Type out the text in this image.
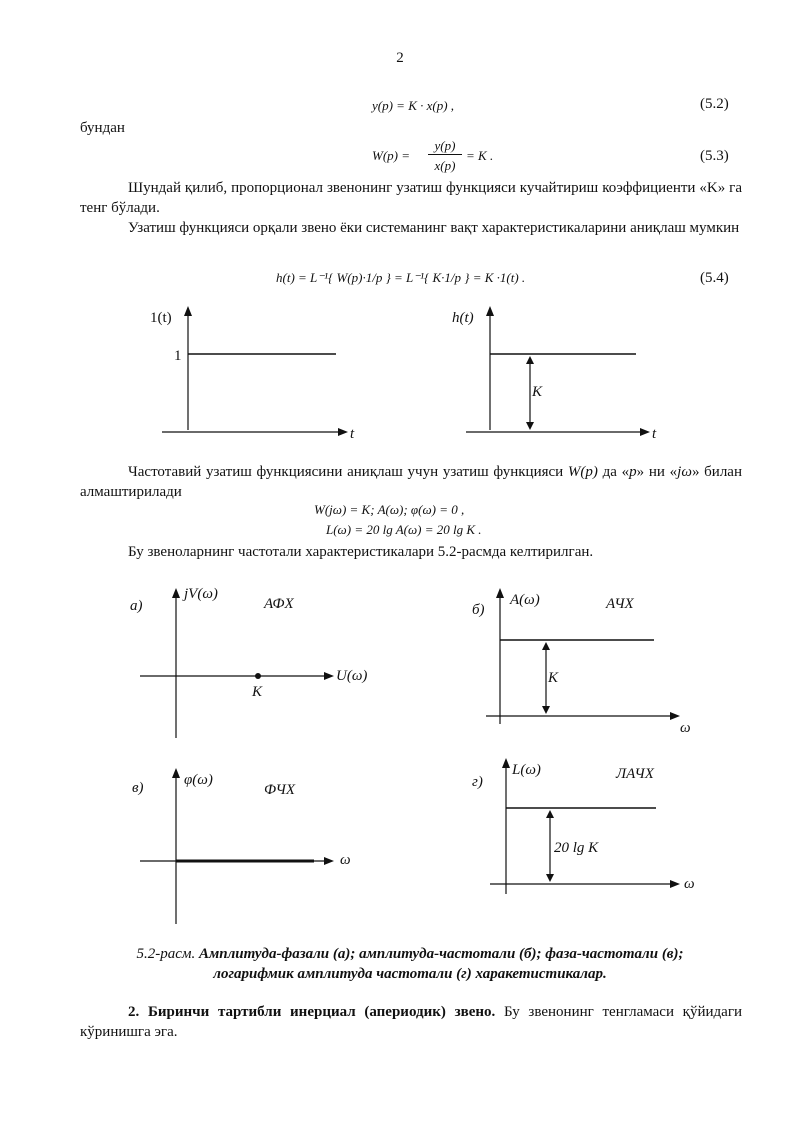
2
y(p) = K · x(p) ,	(5.2)
бундан
W(p) =
y(p)
x(p)
= K .	(5.3)
Шундай қилиб, пропорционал звенонинг узатиш функцияси кучайтириш коэффициенти «K» га тенг бўлади.
Узатиш функцияси орқали звено ёки системанинг вақт характеристикаларини аниқлаш мумкин
h(t) = L⁻¹{ W(p)·1/p } = L⁻¹{ K·1/p } = K ·1(t) .	(5.4)
1(t)
1
t
h(t)
K
t
Частотавий узатиш функциясини аниқлаш учун узатиш функцияси W(p) да «p» ни «jω» билан алмаштирилади
W(jω) = K; A(ω); φ(ω) = 0 ,
L(ω) = 20 lg A(ω) = 20 lg K .
Бу звеноларнинг частотали характеристикалари 5.2-расмда келтирилган.
а)
jV(ω)
АФХ
U(ω)
K
б)
A(ω)	АЧХ
K
ω
в)	φ(ω)
ФЧХ
ω
г)
L(ω)	ЛАЧХ
20 lg K
ω
5.2-расм. Амплитуда-фазали (а); амплитуда-частотали (б); фаза-частотали (в);
логарифмик амплитуда частотали (г) харакетистикалар.
2. Биринчи тартибли инерциал (апериодик) звено. Бу звенонинг тенгламаси қўйидаги кўринишга эга.
